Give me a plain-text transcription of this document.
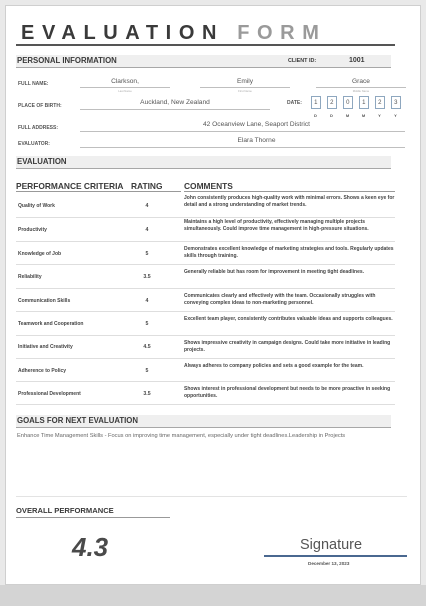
EVALUATION FORM
PERSONAL INFORMATION	CLIENT ID:	1001
FULL NAME:	Clarkson,
Last Name
Emily
First Name
Grace
Middle Name
PLACE OF BIRTH:	Auckland, New Zealand	DATE:	1	2	0	1	2	3
D	D	M	M	Y	Y
FULL ADDRESS:	42 Oceanview Lane, Seaport District
EVALUATOR:	Elara Thorne
EVALUATION
PERFORMANCE CRITERIA RATING	COMMENTS
Quality of Work	4
John consistently produces high-quality work with minimal errors. Shows a keen eye for detail and a strong understanding of market trends.
Productivity	4
Maintains a high level of productivity, effectively managing multiple projects simultaneously. Could improve time management in high-pressure situations.
Knowledge of Job	5
Demonstrates excellent knowledge of marketing strategies and tools. Regularly updates skills through training.
Reliability	3.5
Generally reliable but has room for improvement in meeting tight deadlines.
Communication Skills	4
Communicates clearly and effectively with the team. Occasionally struggles with conveying complex ideas to non-marketing personnel.
Teamwork and Cooperation	5
Excellent team player, consistently contributes valuable ideas and supports colleagues.
Initiative and Creativity	4.5
Shows impressive creativity in campaign designs. Could take more initiative in leading projects.
Adherence to Policy	5
Always adheres to company policies and sets a good example for the team.
Professional Development	3.5
Shows interest in professional development but needs to be more proactive in seeking opportunities.
GOALS FOR NEXT EVALUATION
Enhance Time Management Skills - Focus on improving time management, especially under tight deadlines.Leadership in Projects
OVERALL PERFORMANCE
4.3	Signature
December 13, 2023
